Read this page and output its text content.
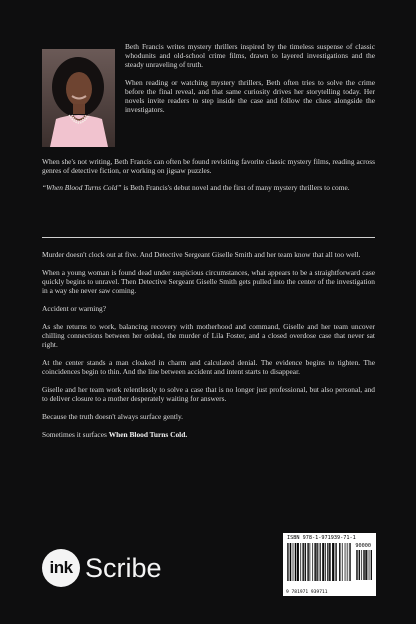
Beth Francis writes mystery thrillers inspired by the timeless suspense of classic whodunits and old-school crime films, drawn to layered investigations and the steady unraveling of truth.

When reading or watching mystery thrillers, Beth often tries to solve the crime before the final reveal, and that same curiosity drives her storytelling today. Her novels invite readers to step inside the case and follow the clues alongside the investigators.

When she's not writing, Beth Francis can often be found revisiting favorite classic mystery films, reading across genres of detective fiction, or working on jigsaw puzzles.

“When Blood Turns Cold” is Beth Francis's debut novel and the first of many mystery thrillers to come.

Murder doesn't clock out at five. And Detective Sergeant Giselle Smith and her team know that all too well.

When a young woman is found dead under suspicious circumstances, what appears to be a straightforward case quickly begins to unravel. Then Detective Sergeant Giselle Smith gets pulled into the center of the investigation in a way she never saw coming.

Accident or warning?

As she returns to work, balancing recovery with motherhood and command, Giselle and her team uncover chilling connections between her ordeal, the murder of Lila Foster, and a closed overdose case that never sat right.

At the center stands a man cloaked in charm and calculated denial. The evidence begins to tighten. The coincidences begin to thin. And the line between accident and intent starts to disappear.

Giselle and her team work relentlessly to solve a case that is no longer just professional, but also personal, and to deliver closure to a mother desperately waiting for answers.

Because the truth doesn't always surface gently.

Sometimes it surfaces When Blood Turns Cold.

ink Scribe
ISBN 978-1-971939-71-1
90000
9 781971 939711
